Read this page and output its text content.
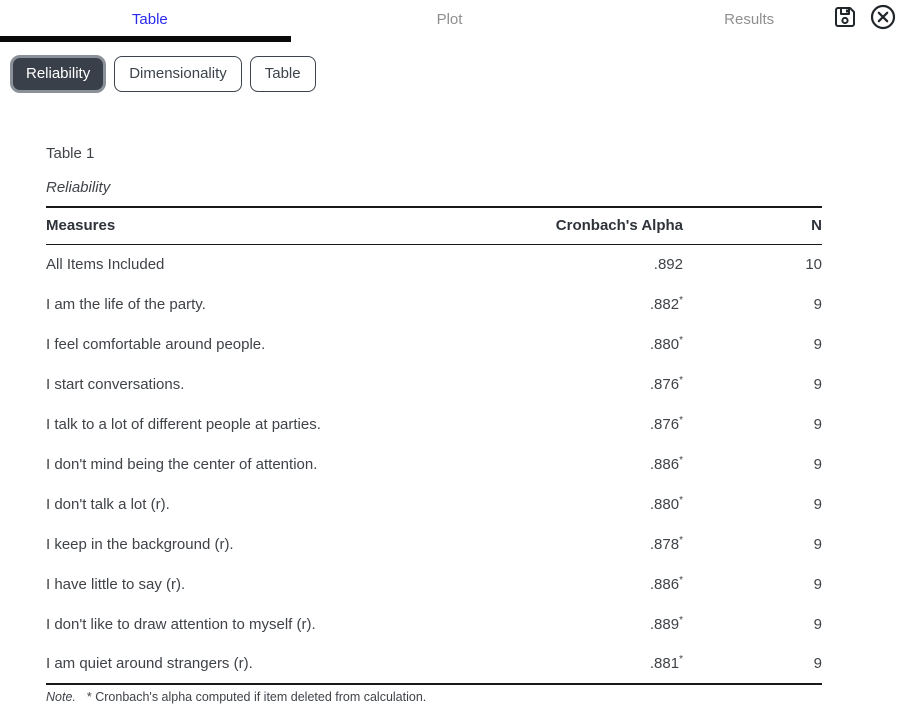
Table	Plot	Results
Reliability	Dimensionality	Table
Table 1
Reliability
Measures	Cronbach's Alpha	N
All Items Included	.892	10
I am the life of the party.	.882*	9
I feel comfortable around people.	.880*	9
I start conversations.	.876*	9
I talk to a lot of different people at parties.	.876*	9
I don't mind being the center of attention.	.886*	9
I don't talk a lot (r).	.880*	9
I keep in the background (r).	.878*	9
I have little to say (r).	.886*	9
I don't like to draw attention to myself (r).	.889*	9
I am quiet around strangers (r).	.881*	9
Note. * Cronbach's alpha computed if item deleted from calculation.
